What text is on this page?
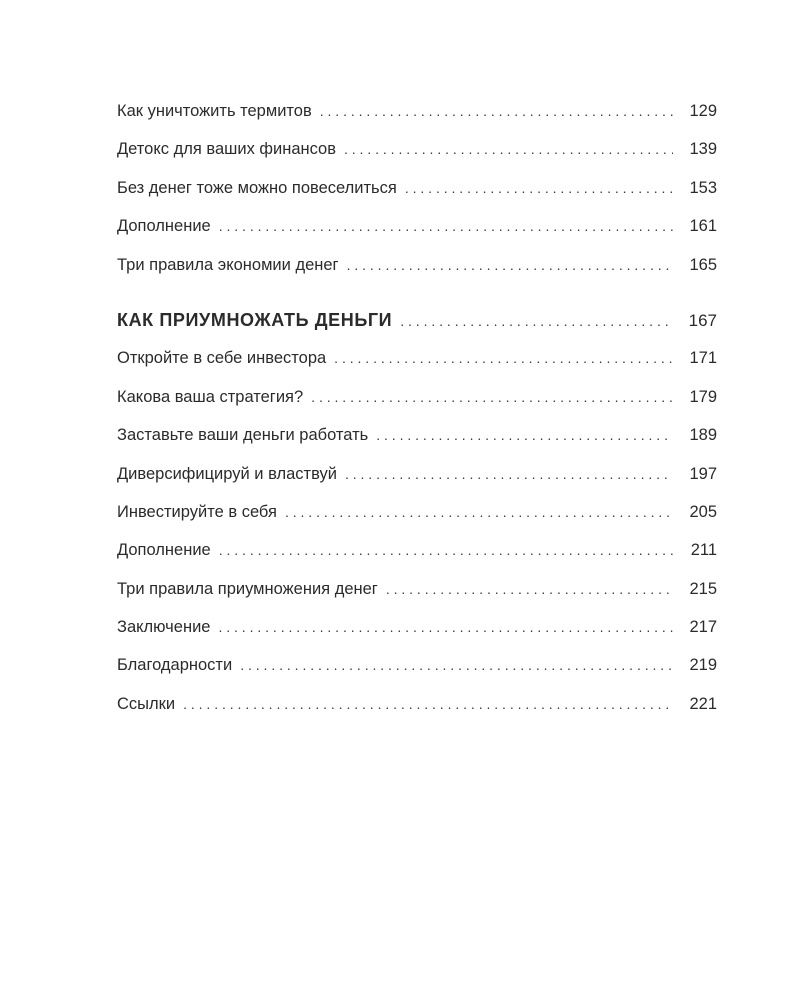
Как уничтожить термитов . . .	129
Детокс для ваших финансов . . .	139
Без денег тоже можно повеселиться . . .	153
Дополнение . . .	161
Три правила экономии денег . . .	165
КАК ПРИУМНОЖАТЬ ДЕНЬГИ . . .	167
Откройте в себе инвестора . . .	171
Какова ваша стратегия? . . .	179
Заставьте ваши деньги работать . . .	189
Диверсифицируй и властвуй . . .	197
Инвестируйте в себя . . .	205
Дополнение . . .	211
Три правила приумножения денег . . .	215
Заключение . . .	217
Благодарности . . .	219
Ссылки . . .	221
